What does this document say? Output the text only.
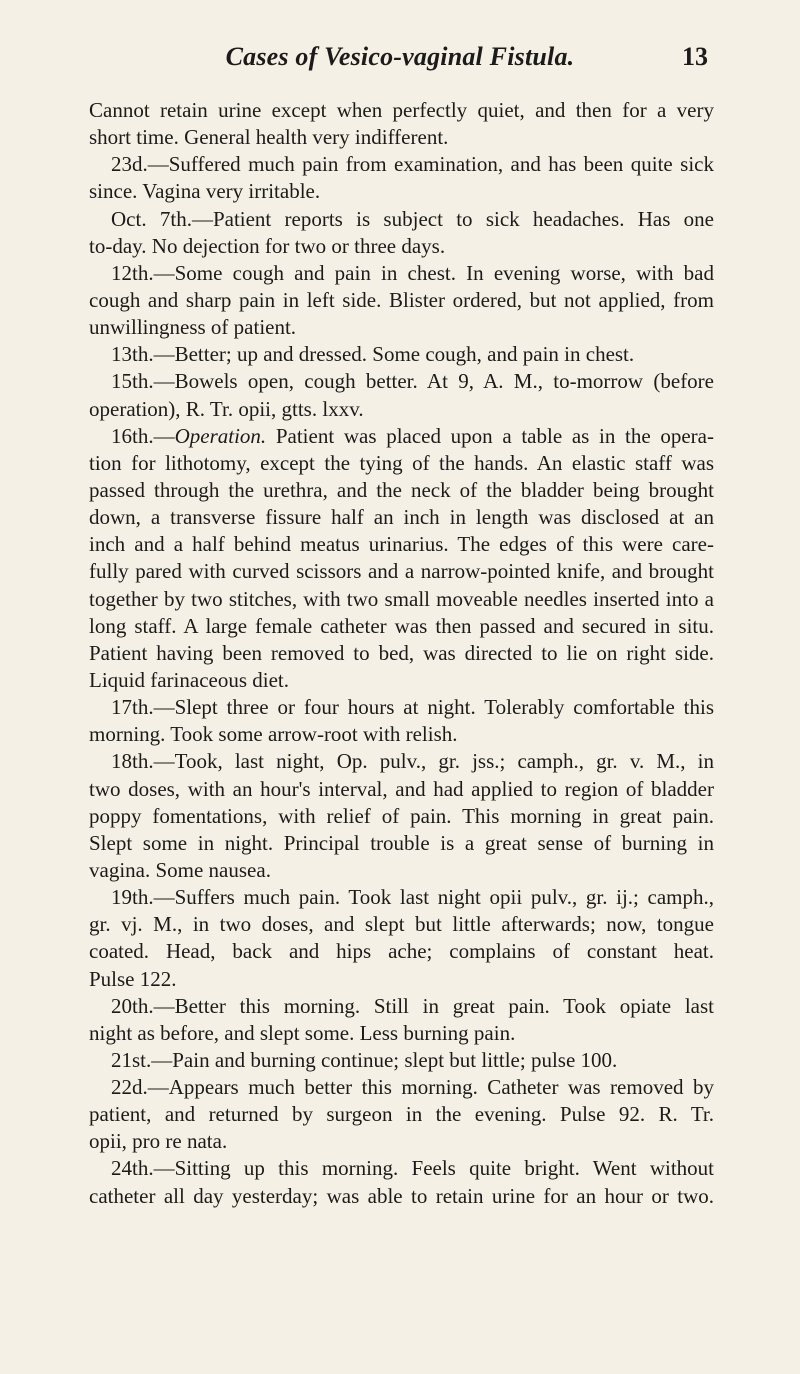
Cases of Vesico-vaginal Fistula.	13
Cannot retain urine except when perfectly quiet, and then for a very
short time. General health very indifferent.
23d.—Suffered much pain from examination, and has been quite sick
since. Vagina very irritable.
Oct. 7th.—Patient reports is subject to sick headaches. Has one
to-day. No dejection for two or three days.
12th.—Some cough and pain in chest. In evening worse, with bad
cough and sharp pain in left side. Blister ordered, but not applied, from
unwillingness of patient.
13th.—Better; up and dressed. Some cough, and pain in chest.
15th.—Bowels open, cough better. At 9, A. M., to-morrow (before
operation), R. Tr. opii, gtts. lxxv.
16th.—Operation. Patient was placed upon a table as in the opera-
tion for lithotomy, except the tying of the hands. An elastic staff was
passed through the urethra, and the neck of the bladder being brought
down, a transverse fissure half an inch in length was disclosed at an
inch and a half behind meatus urinarius. The edges of this were care-
fully pared with curved scissors and a narrow-pointed knife, and brought
together by two stitches, with two small moveable needles inserted into a
long staff. A large female catheter was then passed and secured in situ.
Patient having been removed to bed, was directed to lie on right side.
Liquid farinaceous diet.
17th.—Slept three or four hours at night. Tolerably comfortable this
morning. Took some arrow-root with relish.
18th.—Took, last night, Op. pulv., gr. jss.; camph., gr. v. M., in
two doses, with an hour's interval, and had applied to region of bladder
poppy fomentations, with relief of pain. This morning in great pain.
Slept some in night. Principal trouble is a great sense of burning in
vagina. Some nausea.
19th.—Suffers much pain. Took last night opii pulv., gr. ij.; camph.,
gr. vj. M., in two doses, and slept but little afterwards; now, tongue
coated. Head, back and hips ache; complains of constant heat.
Pulse 122.
20th.—Better this morning. Still in great pain. Took opiate last
night as before, and slept some. Less burning pain.
21st.—Pain and burning continue; slept but little; pulse 100.
22d.—Appears much better this morning. Catheter was removed by
patient, and returned by surgeon in the evening. Pulse 92. R. Tr.
opii, pro re nata.
24th.—Sitting up this morning. Feels quite bright. Went without
catheter all day yesterday; was able to retain urine for an hour or two.
